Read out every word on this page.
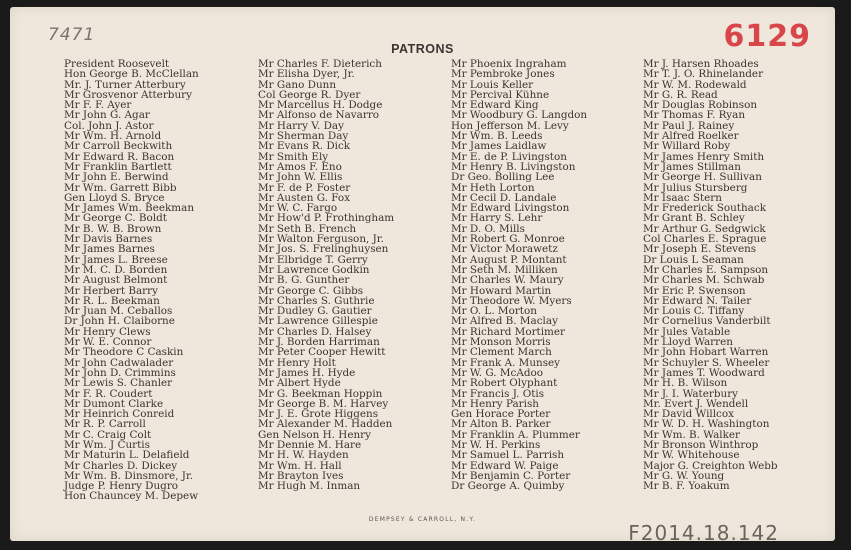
7471	6129
PATRONS
President Roosevelt
Hon George B. McClellan
Mr. J. Turner Atterbury
Mr Grosvenor Atterbury
Mr F. F. Ayer
Mr John G. Agar
Col. John J. Astor
Mr Wm. H. Arnold
Mr Carroll Beckwith
Mr Edward R. Bacon
Mr Franklin Bartlett
Mr John E. Berwind
Mr Wm. Garrett Bibb
Gen Lloyd S. Bryce
Mr James Wm. Beekman
Mr George C. Boldt
Mr B. W. B. Brown
Mr Davis Barnes
Mr James Barnes
Mr James L. Breese
Mr M. C. D. Borden
Mr August Belmont
Mr Herbert Barry
Mr R. L. Beekman
Mr Juan M. Ceballos
Dr John H. Claiborne
Mr Henry Clews
Mr W. E. Connor
Mr Theodore C Caskin
Mr John Cadwalader
Mr John D. Crimmins
Mr Lewis S. Chanler
Mr F. R. Coudert
Mr Dumont Clarke
Mr Heinrich Conreid
Mr R. P. Carroll
Mr C. Craig Colt
Mr Wm. J Curtis
Mr Maturin L. Delafield
Mr Charles D. Dickey
Mr Wm. B. Dinsmore, Jr.
Judge P. Henry Dugro
Hon Chauncey M. Depew
Mr Charles F. Dieterich
Mr Elisha Dyer, Jr.
Mr Gano Dunn
Col George R. Dyer
Mr Marcellus H. Dodge
Mr Alfonso de Navarro
Mr Harry V. Day
Mr Sherman Day
Mr Evans R. Dick
Mr Smith Ely
Mr Amos F. Eno
Mr John W. Ellis
Mr F. de P. Foster
Mr Austen G. Fox
Mr W. C. Fargo
Mr How'd P. Frothingham
Mr Seth B. French
Mr Walton Ferguson, Jr.
Mr Jos. S. Frelinghuysen
Mr Elbridge T. Gerry
Mr Lawrence Godkin
Mr B. G. Gunther
Mr George C. Gibbs
Mr Charles S. Guthrie
Mr Dudley G. Gautier
Mr Lawrence Gillespie
Mr Charles D. Halsey
Mr J. Borden Harriman
Mr Peter Cooper Hewitt
Mr Henry Holt
Mr James H. Hyde
Mr Albert Hyde
Mr G. Beekman Hoppin
Mr George B. M. Harvey
Mr J. E. Grote Higgens
Mr Alexander M. Hadden
Gen Nelson H. Henry
Mr Dennie M. Hare
Mr H. W. Hayden
Mr Wm. H. Hall
Mr Brayton Ives
Mr Hugh M. Inman
Mr Phoenix Ingraham
Mr Pembroke Jones
Mr Louis Keller
Mr Percival Kühne
Mr Edward King
Mr Woodbury G. Langdon
Hon Jefferson M. Levy
Mr Wm. B. Leeds
Mr James Laidlaw
Mr E. de P. Livingston
Mr Henry B. Livingston
Dr Geo. Bolling Lee
Mr Heth Lorton
Mr Cecil D. Landale
Mr Edward Livingston
Mr Harry S. Lehr
Mr D. O. Mills
Mr Robert G. Monroe
Mr Victor Morawetz
Mr August P. Montant
Mr Seth M. Milliken
Mr Charles W. Maury
Mr Howard Martin
Mr Theodore W. Myers
Mr O. L. Morton
Mr Alfred B. Maclay
Mr Richard Mortimer
Mr Monson Morris
Mr Clement March
Mr Frank A. Munsey
Mr W. G. McAdoo
Mr Robert Olyphant
Mr Francis J. Otis
Mr Henry Parish
Gen Horace Porter
Mr Alton B. Parker
Mr Franklin A. Plummer
Mr W. H. Perkins
Mr Samuel L. Parrish
Mr Edward W. Paige
Mr Benjamin C. Porter
Dr George A. Quimby
Mr J. Harsen Rhoades
Mr T. J. O. Rhinelander
Mr W. M. Rodewald
Mr G. R. Read
Mr Douglas Robinson
Mr Thomas F. Ryan
Mr Paul J. Rainey
Mr Alfred Roelker
Mr Willard Roby
Mr James Henry Smith
Mr James Stillman
Mr George H. Sullivan
Mr Julius Stursberg
Mr Isaac Stern
Mr Frederick Southack
Mr Grant B. Schley
Mr Arthur G. Sedgwick
Col Charles E. Sprague
Mr Joseph E. Stevens
Dr Louis L Seaman
Mr Charles E. Sampson
Mr Charles M. Schwab
Mr Eric P. Swenson
Mr Edward N. Tailer
Mr Louis C. Tiffany
Mr Cornelius Vanderbilt
Mr Jules Vatable
Mr Lloyd Warren
Mr John Hobart Warren
Mr Schuyler S. Wheeler
Mr James T. Woodward
Mr H. B. Wilson
Mr J. I. Waterbury
Mr. Evert J. Wendell
Mr David Willcox
Mr W. D. H. Washington
Mr Wm. B. Walker
Mr Bronson Winthrop
Mr W. Whitehouse
Major G. Creighton Webb
Mr G. W. Young
Mr B. F. Yoakum
DEMPSEY & CARROLL, N.Y.
F2014.18.142
